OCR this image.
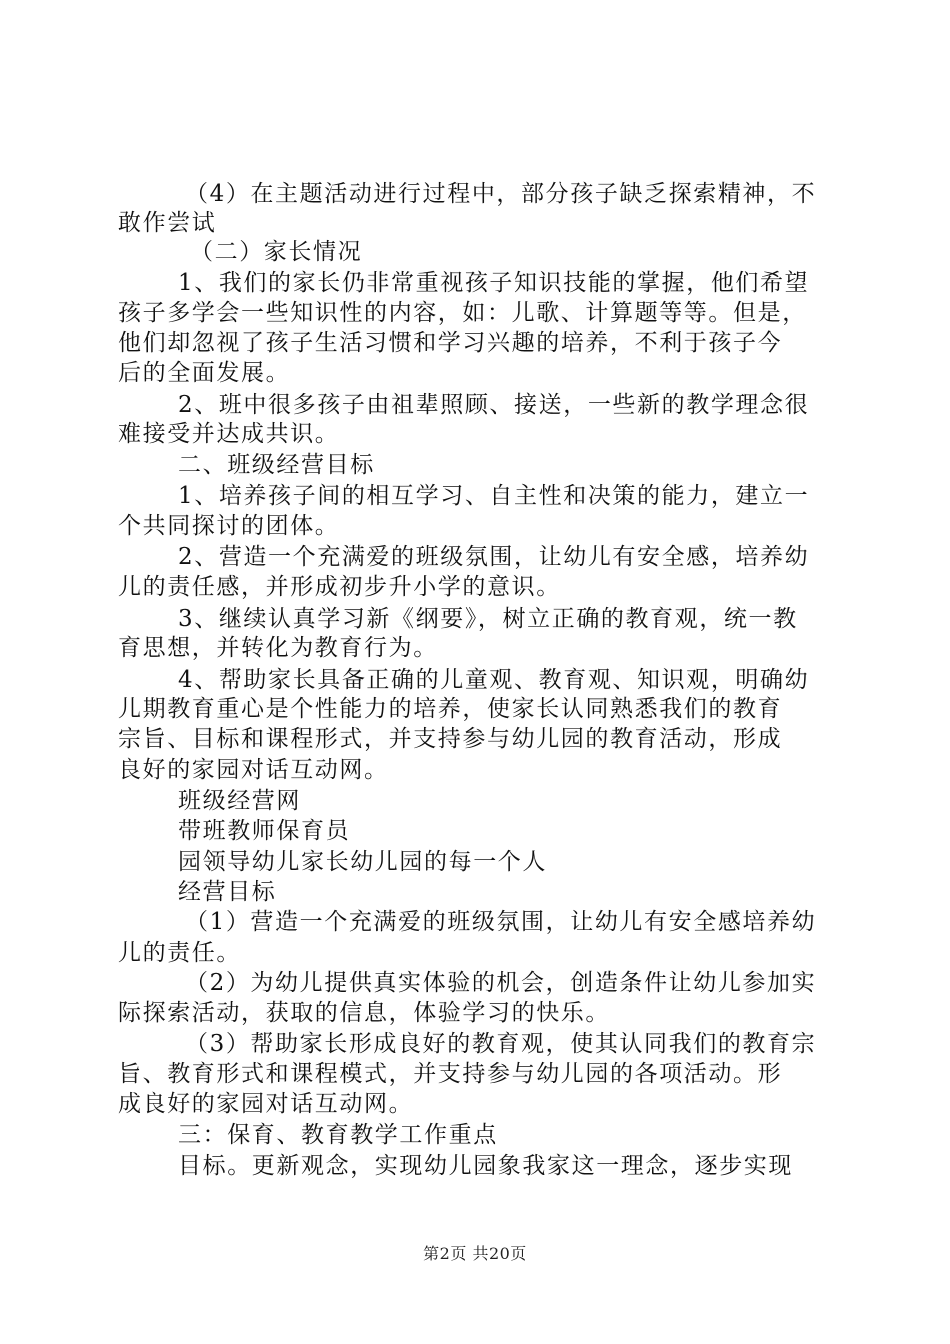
（4）在主题活动进行过程中，部分孩子缺乏探索精神，不
敢作尝试
（二）家长情况
1、我们的家长仍非常重视孩子知识技能的掌握，他们希望
孩子多学会一些知识性的内容，如：儿歌、计算题等等。但是，
他们却忽视了孩子生活习惯和学习兴趣的培养，不利于孩子今
后的全面发展。
2、班中很多孩子由祖辈照顾、接送，一些新的教学理念很
难接受并达成共识。
二、班级经营目标
1、培养孩子间的相互学习、自主性和决策的能力，建立一
个共同探讨的团体。
2、营造一个充满爱的班级氛围，让幼儿有安全感，培养幼
儿的责任感，并形成初步升小学的意识。
3、继续认真学习新《纲要》，树立正确的教育观，统一教
育思想，并转化为教育行为。
4、帮助家长具备正确的儿童观、教育观、知识观，明确幼
儿期教育重心是个性能力的培养，使家长认同熟悉我们的教育
宗旨、目标和课程形式，并支持参与幼儿园的教育活动，形成
良好的家园对话互动网。
班级经营网
带班教师保育员
园领导幼儿家长幼儿园的每一个人
经营目标
（1）营造一个充满爱的班级氛围，让幼儿有安全感培养幼
儿的责任。
（2）为幼儿提供真实体验的机会，创造条件让幼儿参加实
际探索活动，获取的信息，体验学习的快乐。
（3）帮助家长形成良好的教育观，使其认同我们的教育宗
旨、教育形式和课程模式，并支持参与幼儿园的各项活动。形
成良好的家园对话互动网。
三：保育、教育教学工作重点
目标。更新观念，实现幼儿园象我家这一理念，逐步实现
第2页 共20页
